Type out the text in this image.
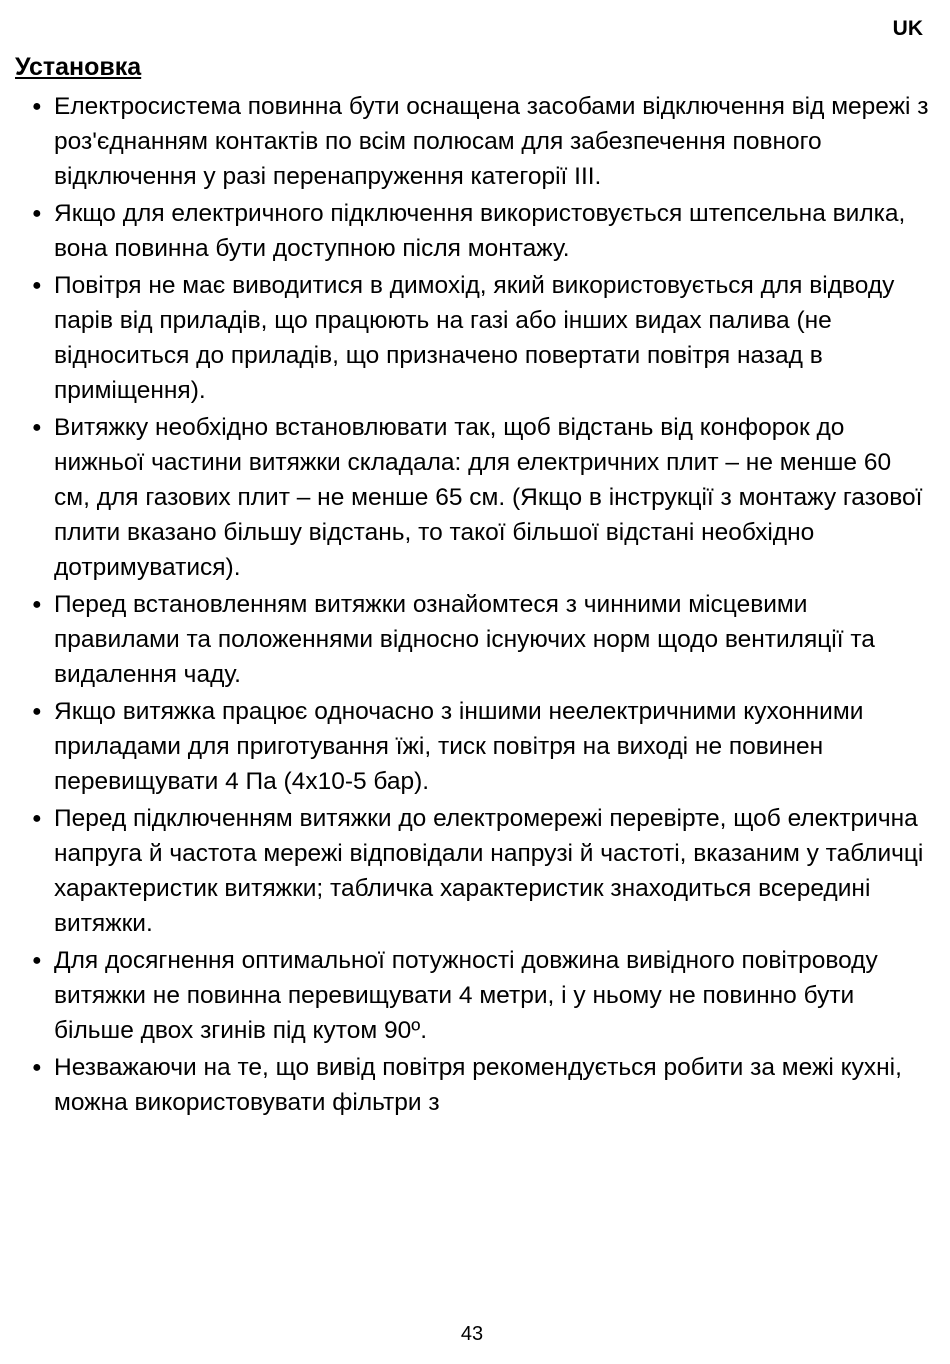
UK
Установка
● Електросистема повинна бути оснащена засобами відключення від мережі з роз'єднанням контактів по всім полюсам для забезпечення повного відключення у разі перенапруження категорії III.
● Якщо для електричного підключення використовується штепсельна вилка, вона повинна бути доступною після монтажу.
● Повітря не має виводитися в димохід, який використовується для відводу парів від приладів, що працюють на газі або інших видах палива (не відноситься до приладів, що призначено повертати повітря назад в приміщення).
● Витяжку необхідно встановлювати так, щоб відстань від конфорок до нижньої частини витяжки складала: для електричних плит – не менше 60 см, для газових плит – не менше 65 см. (Якщо в інструкції з монтажу газової плити вказано більшу відстань, то такої більшої відстані необхідно дотримуватися).
● Перед встановленням витяжки ознайомтеся з чинними місцевими правилами та положеннями відносно існуючих норм щодо вентиляції та видалення чаду.
● Якщо витяжка працює одночасно з іншими неелектричними кухонними приладами для приготування їжі, тиск повітря на виході не повинен перевищувати 4 Па (4х10-5 бар).
● Перед підключенням витяжки до електромережі перевірте, щоб електрична напруга й частота мережі відповідали напрузі й частоті, вказаним у табличці характеристик витяжки; табличка характеристик знаходиться всередині витяжки.
● Для досягнення оптимальної потужності довжина вивідного повітроводу витяжки не повинна перевищувати 4 метри, і у ньому не повинно бути більше двох згинів під кутом 90º.
● Незважаючи на те, що вивід повітря рекомендується робити за межі кухні, можна використовувати фільтри з
43
